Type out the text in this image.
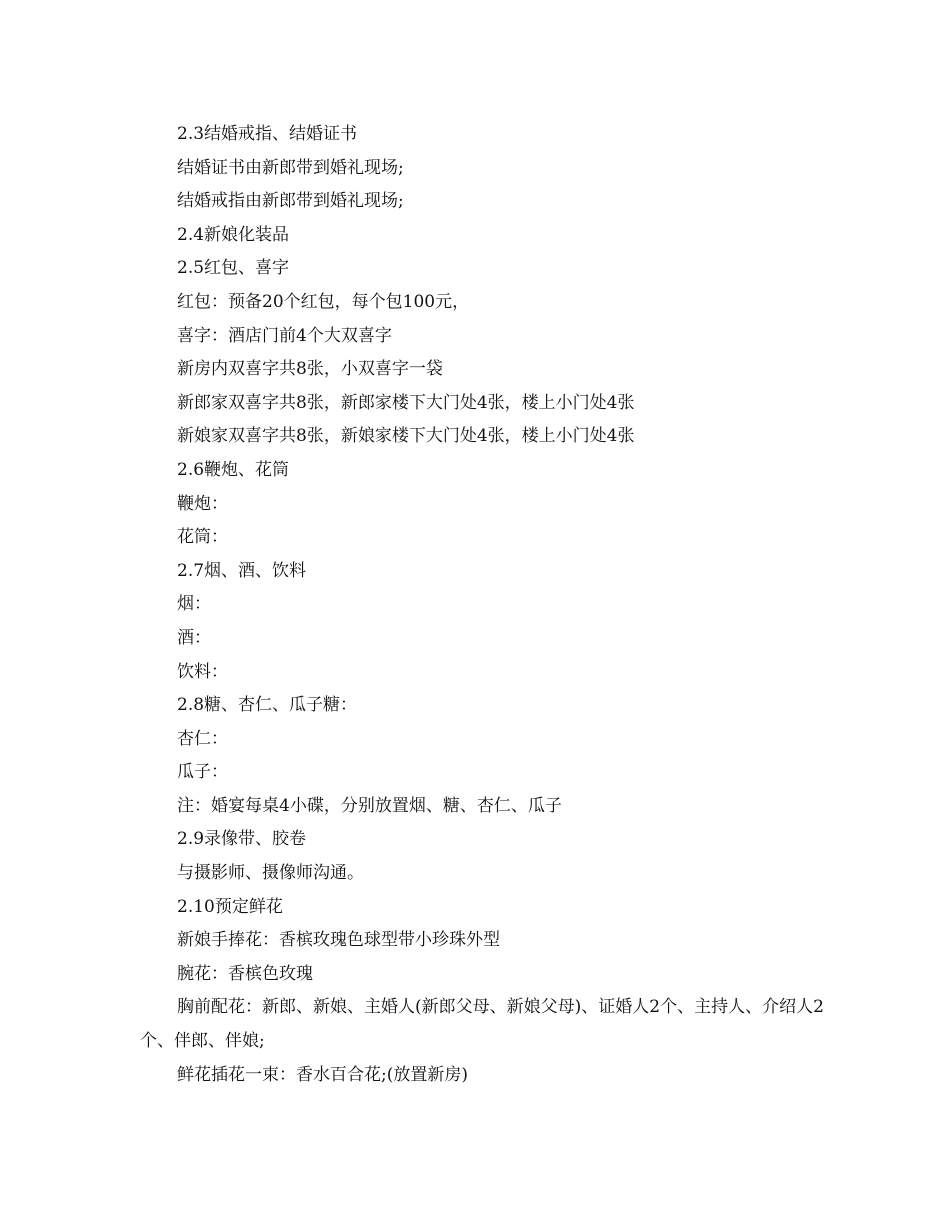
2.3结婚戒指、结婚证书
结婚证书由新郎带到婚礼现场;
结婚戒指由新郎带到婚礼现场;
2.4新娘化装品
2.5红包、喜字
红包：预备20个红包，每个包100元，
喜字：酒店门前4个大双喜字
新房内双喜字共8张，小双喜字一袋
新郎家双喜字共8张，新郎家楼下大门处4张，楼上小门处4张
新娘家双喜字共8张，新娘家楼下大门处4张，楼上小门处4张
2.6鞭炮、花筒
鞭炮：
花筒：
2.7烟、酒、饮料
烟：
酒：
饮料：
2.8糖、杏仁、瓜子糖：
杏仁：
瓜子：
注：婚宴每桌4小碟，分别放置烟、糖、杏仁、瓜子
2.9录像带、胶卷
与摄影师、摄像师沟通。
2.10预定鲜花
新娘手捧花：香槟玫瑰色球型带小珍珠外型
腕花：香槟色玫瑰
胸前配花：新郎、新娘、主婚人(新郎父母、新娘父母)、证婚人2个、主持人、介绍人2个、伴郎、伴娘;
鲜花插花一束：香水百合花;(放置新房)
